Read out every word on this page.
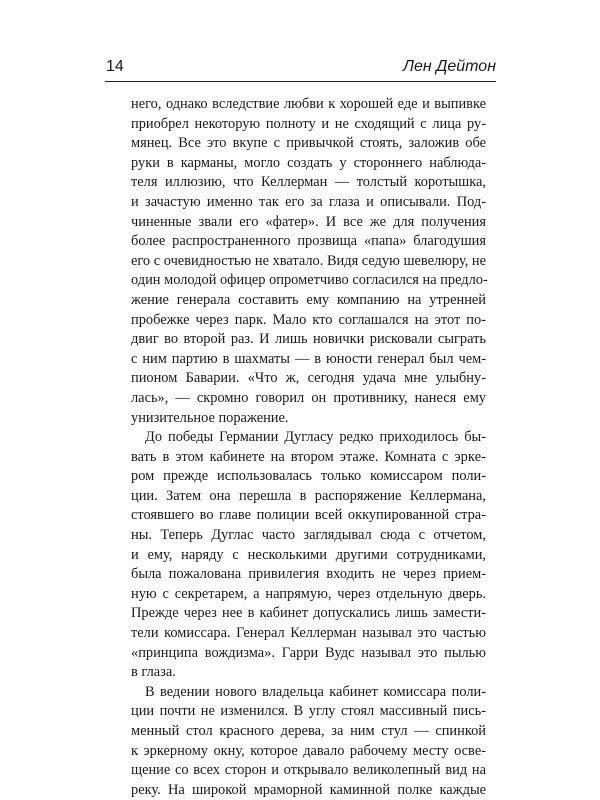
14	Лен Дейтон
него, однако вследствие любви к хорошей еде и выпивке
приобрел некоторую полноту и не сходящий с лица ру-
мянец. Все это вкупе с привычкой стоять, заложив обе
руки в карманы, могло создать у стороннего наблюда-
теля иллюзию, что Келлерман — толстый коротышка,
и зачастую именно так его за глаза и описывали. Под-
чиненные звали его «фатер». И все же для получения
более распространенного прозвища «папа» благодушия
его с очевидностью не хватало. Видя седую шевелюру, не
один молодой офицер опрометчиво согласился на предло-
жение генерала составить ему компанию на утренней
пробежке через парк. Мало кто соглашался на этот по-
двиг во второй раз. И лишь новички рисковали сыграть
с ним партию в шахматы — в юности генерал был чем-
пионом Баварии. «Что ж, сегодня удача мне улыбну-
лась», — скромно говорил он противнику, нанеся ему
унизительное поражение.
До победы Германии Дугласу редко приходилось бы-
вать в этом кабинете на втором этаже. Комната с эркe-
ром прежде использовалась только комиссаром поли-
ции. Затем она перешла в распоряжение Келлермана,
стоявшего во главе полиции всей оккупированной стра-
ны. Теперь Дуглас часто заглядывал сюда с отчетом,
и ему, наряду с несколькими другими сотрудниками,
была пожалована привилегия входить не через прием-
ную с секретарем, а напрямую, через отдельную дверь.
Прежде через нее в кабинет допускались лишь замести-
тели комиссара. Генерал Келлерман называл это частью
«принципа вождизма». Гарри Вудс называл это пылью
в глаза.
В ведении нового владельца кабинет комиссара поли-
ции почти не изменился. В углу стоял массивный пись-
менный стол красного дерева, за ним стул — спинкой
к эркерному окну, которое давало рабочему месту освe-
щение со всех сторон и открывало великолепный вид на
реку. На широкой мраморной каминной полке каждые
